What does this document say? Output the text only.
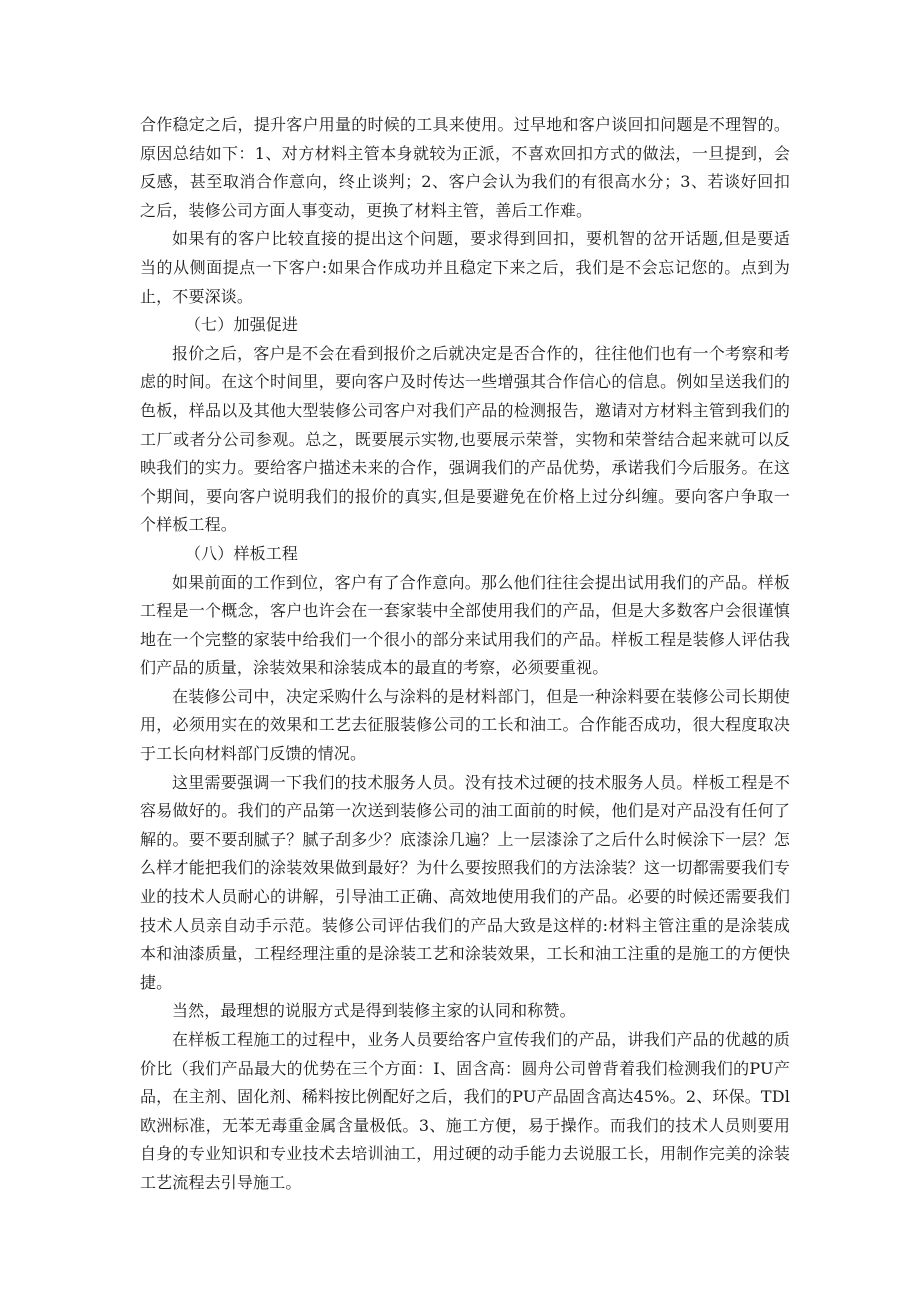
合作稳定之后，提升客户用量的时候的工具来使用。过早地和客户谈回扣问题是不理智的。原因总结如下：1、对方材料主管本身就较为正派，不喜欢回扣方式的做法，一旦提到，会反感，甚至取消合作意向，终止谈判；2、客户会认为我们的有很高水分；3、若谈好回扣之后，装修公司方面人事变动，更换了材料主管，善后工作难。

如果有的客户比较直接的提出这个问题，要求得到回扣，要机智的岔开话题,但是要适当的从侧面提点一下客户:如果合作成功并且稳定下来之后，我们是不会忘记您的。点到为止，不要深谈。

（七）加强促进

报价之后，客户是不会在看到报价之后就决定是否合作的，往往他们也有一个考察和考虑的时间。在这个时间里，要向客户及时传达一些增强其合作信心的信息。例如呈送我们的色板，样品以及其他大型装修公司客户对我们产品的检测报告，邀请对方材料主管到我们的工厂或者分公司参观。总之，既要展示实物,也要展示荣誉，实物和荣誉结合起来就可以反映我们的实力。要给客户描述未来的合作，强调我们的产品优势，承诺我们今后服务。在这个期间，要向客户说明我们的报价的真实,但是要避免在价格上过分纠缠。要向客户争取一个样板工程。

（八）样板工程

如果前面的工作到位，客户有了合作意向。那么他们往往会提出试用我们的产品。样板工程是一个概念，客户也许会在一套家装中全部使用我们的产品，但是大多数客户会很谨慎地在一个完整的家装中给我们一个很小的部分来试用我们的产品。样板工程是装修人评估我们产品的质量，涂装效果和涂装成本的最直的考察，必须要重视。

在装修公司中，决定采购什么与涂料的是材料部门，但是一种涂料要在装修公司长期使用，必须用实在的效果和工艺去征服装修公司的工长和油工。合作能否成功，很大程度取决于工长向材料部门反馈的情况。

这里需要强调一下我们的技术服务人员。没有技术过硬的技术服务人员。样板工程是不容易做好的。我们的产品第一次送到装修公司的油工面前的时候，他们是对产品没有任何了解的。要不要刮腻子？腻子刮多少？底漆涂几遍？上一层漆涂了之后什么时候涂下一层？怎么样才能把我们的涂装效果做到最好？为什么要按照我们的方法涂装？这一切都需要我们专业的技术人员耐心的讲解，引导油工正确、高效地使用我们的产品。必要的时候还需要我们技术人员亲自动手示范。装修公司评估我们的产品大致是这样的:材料主管注重的是涂装成本和油漆质量，工程经理注重的是涂装工艺和涂装效果，工长和油工注重的是施工的方便快捷。

当然，最理想的说服方式是得到装修主家的认同和称赞。

在样板工程施工的过程中，业务人员要给客户宣传我们的产品，讲我们产品的优越的质价比（我们产品最大的优势在三个方面：I、固含高：圆舟公司曾背着我们检测我们的PU产品，在主剂、固化剂、稀料按比例配好之后，我们的PU产品固含高达45%。2、环保。TDl欧洲标准，无苯无毒重金属含量极低。3、施工方便，易于操作。而我们的技术人员则要用自身的专业知识和专业技术去培训油工，用过硬的动手能力去说服工长，用制作完美的涂装工艺流程去引导施工。
